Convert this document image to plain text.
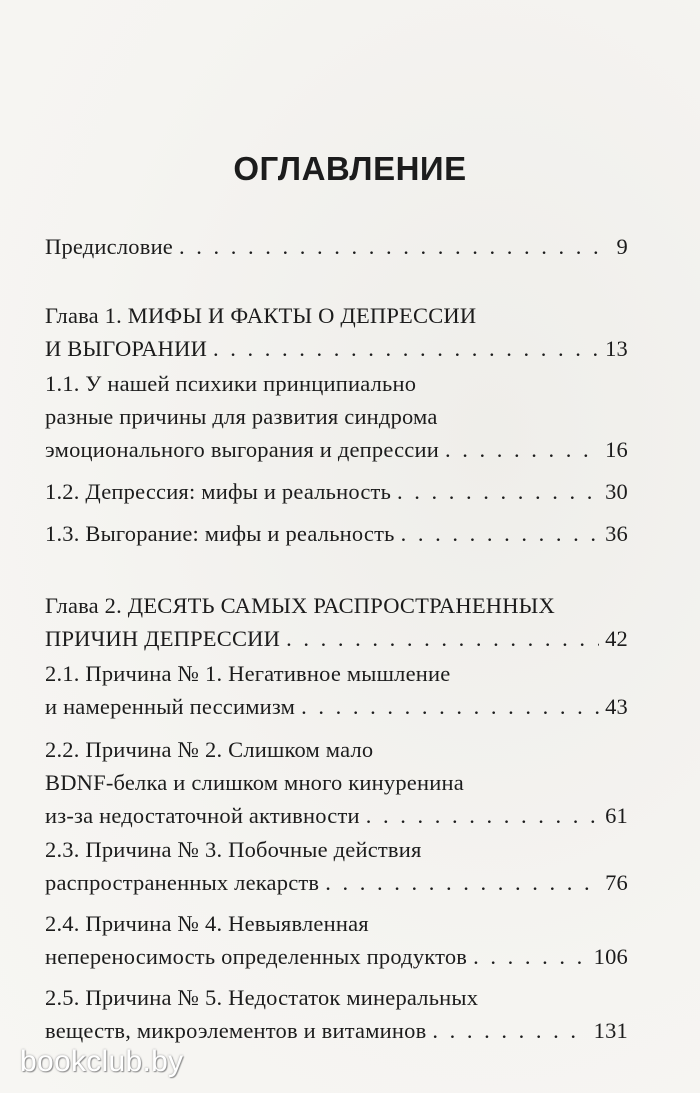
ОГЛАВЛЕНИЕ
Предисловие . . .	9
Глава 1. МИФЫ И ФАКТЫ О ДЕПРЕССИИ
И ВЫГОРАНИИ . . .	13
1.1. У нашей психики принципиально
разные причины для развития синдрома
эмоционального выгорания и депрессии . . .	16
1.2. Депрессия: мифы и реальность . . .	30
1.3. Выгорание: мифы и реальность . . .	36
Глава 2. ДЕСЯТЬ САМЫХ РАСПРОСТРАНЕННЫХ
ПРИЧИН ДЕПРЕССИИ . . .	42
2.1. Причина № 1. Негативное мышление
и намеренный пессимизм . . .	43
2.2. Причина № 2. Слишком мало
BDNF-белка и слишком много кинуренина
из-за недостаточной активности . . .	61
2.3. Причина № 3. Побочные действия
распространенных лекарств . . .	76
2.4. Причина № 4. Невыявленная
непереносимость определенных продуктов . . .	106
2.5. Причина № 5. Недостаток минеральных
веществ, микроэлементов и витаминов . . .	131
bookclub.by
